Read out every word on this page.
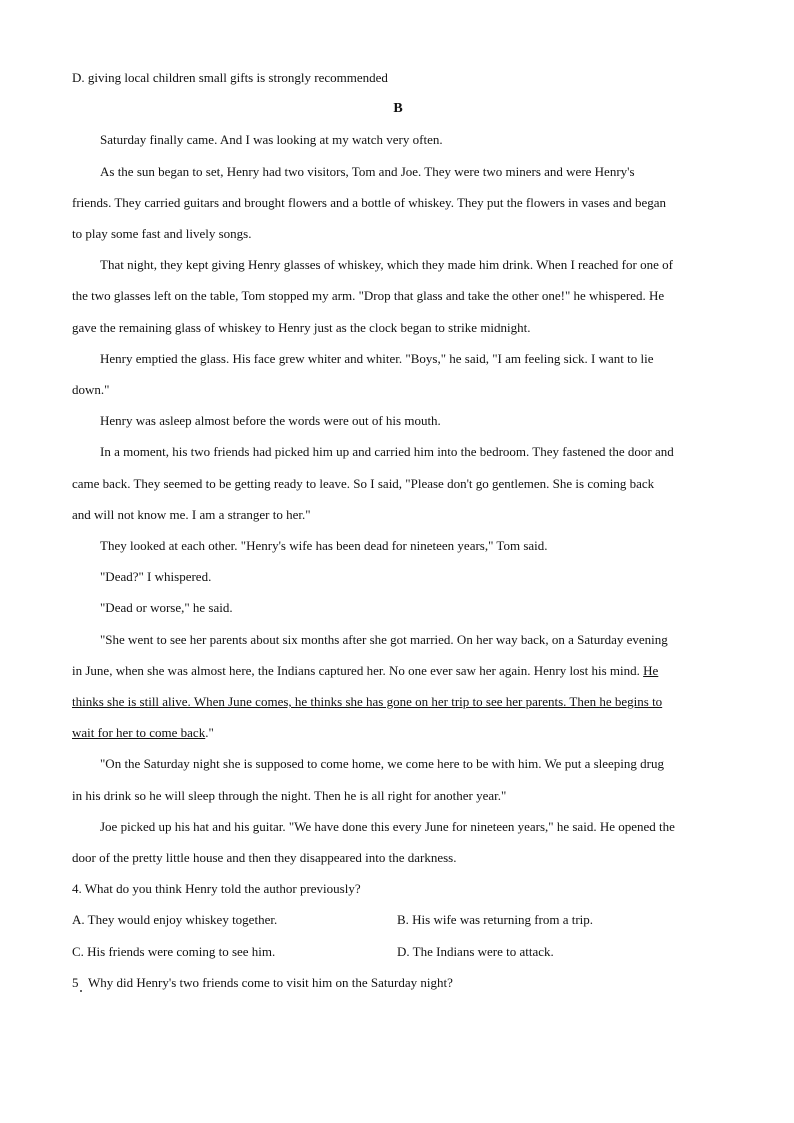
D. giving local children small gifts is strongly recommended
B
Saturday finally came. And I was looking at my watch very often.
As the sun began to set, Henry had two visitors, Tom and Joe. They were two miners and were Henry's
friends. They carried guitars and brought flowers and a bottle of whiskey. They put the flowers in vases and began
to play some fast and lively songs.
That night, they kept giving Henry glasses of whiskey, which they made him drink. When I reached for one of
the two glasses left on the table, Tom stopped my arm. "Drop that glass and take the other one!" he whispered. He
gave the remaining glass of whiskey to Henry just as the clock began to strike midnight.
Henry emptied the glass. His face grew whiter and whiter. "Boys," he said, "I am feeling sick. I want to lie
down."
Henry was asleep almost before the words were out of his mouth.
In a moment, his two friends had picked him up and carried him into the bedroom. They fastened the door and
came back. They seemed to be getting ready to leave. So I said, "Please don't go gentlemen. She is coming back
and will not know me. I am a stranger to her."
They looked at each other. "Henry's wife has been dead for nineteen years," Tom said.
"Dead?" I whispered.
"Dead or worse," he said.
"She went to see her parents about six months after she got married. On her way back, on a Saturday evening
in June, when she was almost here, the Indians captured her. No one ever saw her again. Henry lost his mind. He
thinks she is still alive. When June comes, he thinks she has gone on her trip to see her parents. Then he begins to
wait for her to come back."
"On the Saturday night she is supposed to come home, we come here to be with him. We put a sleeping drug
in his drink so he will sleep through the night. Then he is all right for another year."
Joe picked up his hat and his guitar. "We have done this every June for nineteen years," he said. He opened the
door of the pretty little house and then they disappeared into the darkness.
4. What do you think Henry told the author previously?
A. They would enjoy whiskey together.	B. His wife was returning from a trip.
C. His friends were coming to see him.	D. The Indians were to attack.
5   Why did Henry's two friends come to visit him on the Saturday night?
